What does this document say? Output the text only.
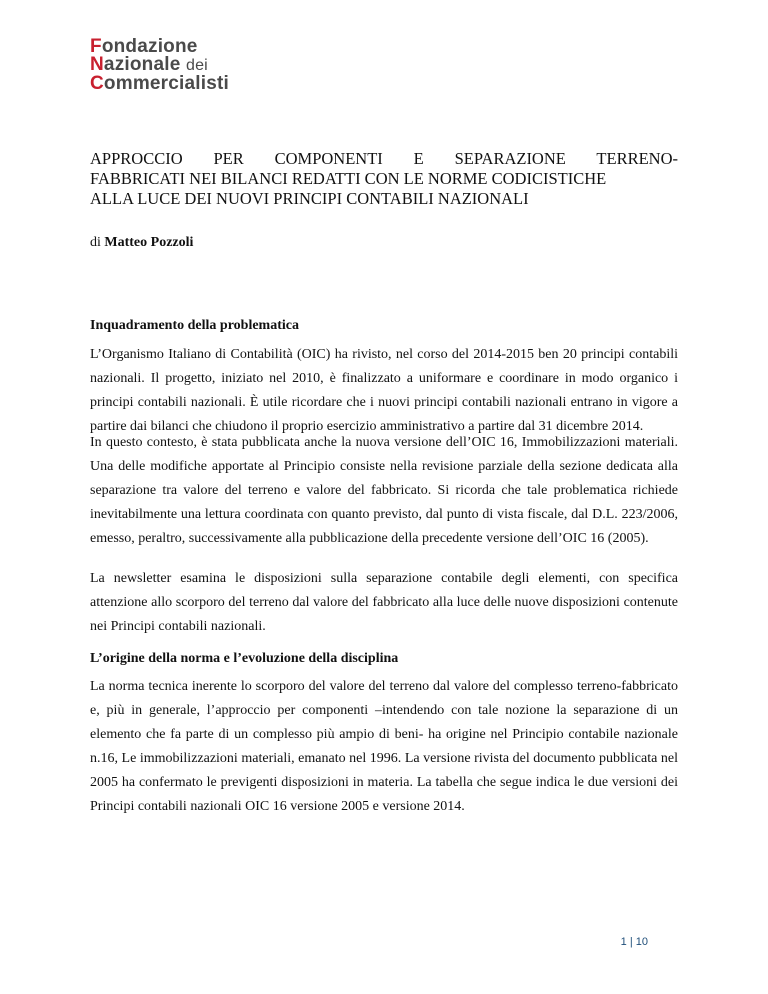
Fondazione
Nazionale dei
Commercialisti
APPROCCIO PER COMPONENTI E SEPARAZIONE TERRENO-
FABBRICATI NEI BILANCI REDATTI CON LE NORME CODICISTICHE
ALLA LUCE DEI NUOVI PRINCIPI CONTABILI NAZIONALI
di Matteo Pozzoli
Inquadramento della problematica
L’Organismo Italiano di Contabilità (OIC) ha rivisto, nel corso del 2014-2015 ben 20 principi contabili nazionali. Il progetto, iniziato nel 2010, è finalizzato a uniformare e coordinare in modo organico i principi contabili nazionali. È utile ricordare che i nuovi principi contabili nazionali entrano in vigore a partire dai bilanci che chiudono il proprio esercizio amministrativo a partire dal 31 dicembre 2014.
In questo contesto, è stata pubblicata anche la nuova versione dell’OIC 16, Immobilizzazioni materiali. Una delle modifiche apportate al Principio consiste nella revisione parziale della sezione dedicata alla separazione tra valore del terreno e valore del fabbricato. Si ricorda che tale problematica richiede inevitabilmente una lettura coordinata con quanto previsto, dal punto di vista fiscale, dal D.L. 223/2006, emesso, peraltro, successivamente alla pubblicazione della precedente versione dell’OIC 16 (2005).
La newsletter esamina le disposizioni sulla separazione contabile degli elementi, con specifica attenzione allo scorporo del terreno dal valore del fabbricato alla luce delle nuove disposizioni contenute nei Principi contabili nazionali.
L’origine della norma e l’evoluzione della disciplina
La norma tecnica inerente lo scorporo del valore del terreno dal valore del complesso terreno-fabbricato e, più in generale, l’approccio per componenti –intendendo con tale nozione la separazione di un elemento che fa parte di un complesso più ampio di beni- ha origine nel Principio contabile nazionale n.16, Le immobilizzazioni materiali, emanato nel 1996. La versione rivista del documento pubblicata nel 2005 ha confermato le previgenti disposizioni in materia. La tabella che segue indica le due versioni dei Principi contabili nazionali OIC 16 versione 2005 e versione 2014.
1 | 10
